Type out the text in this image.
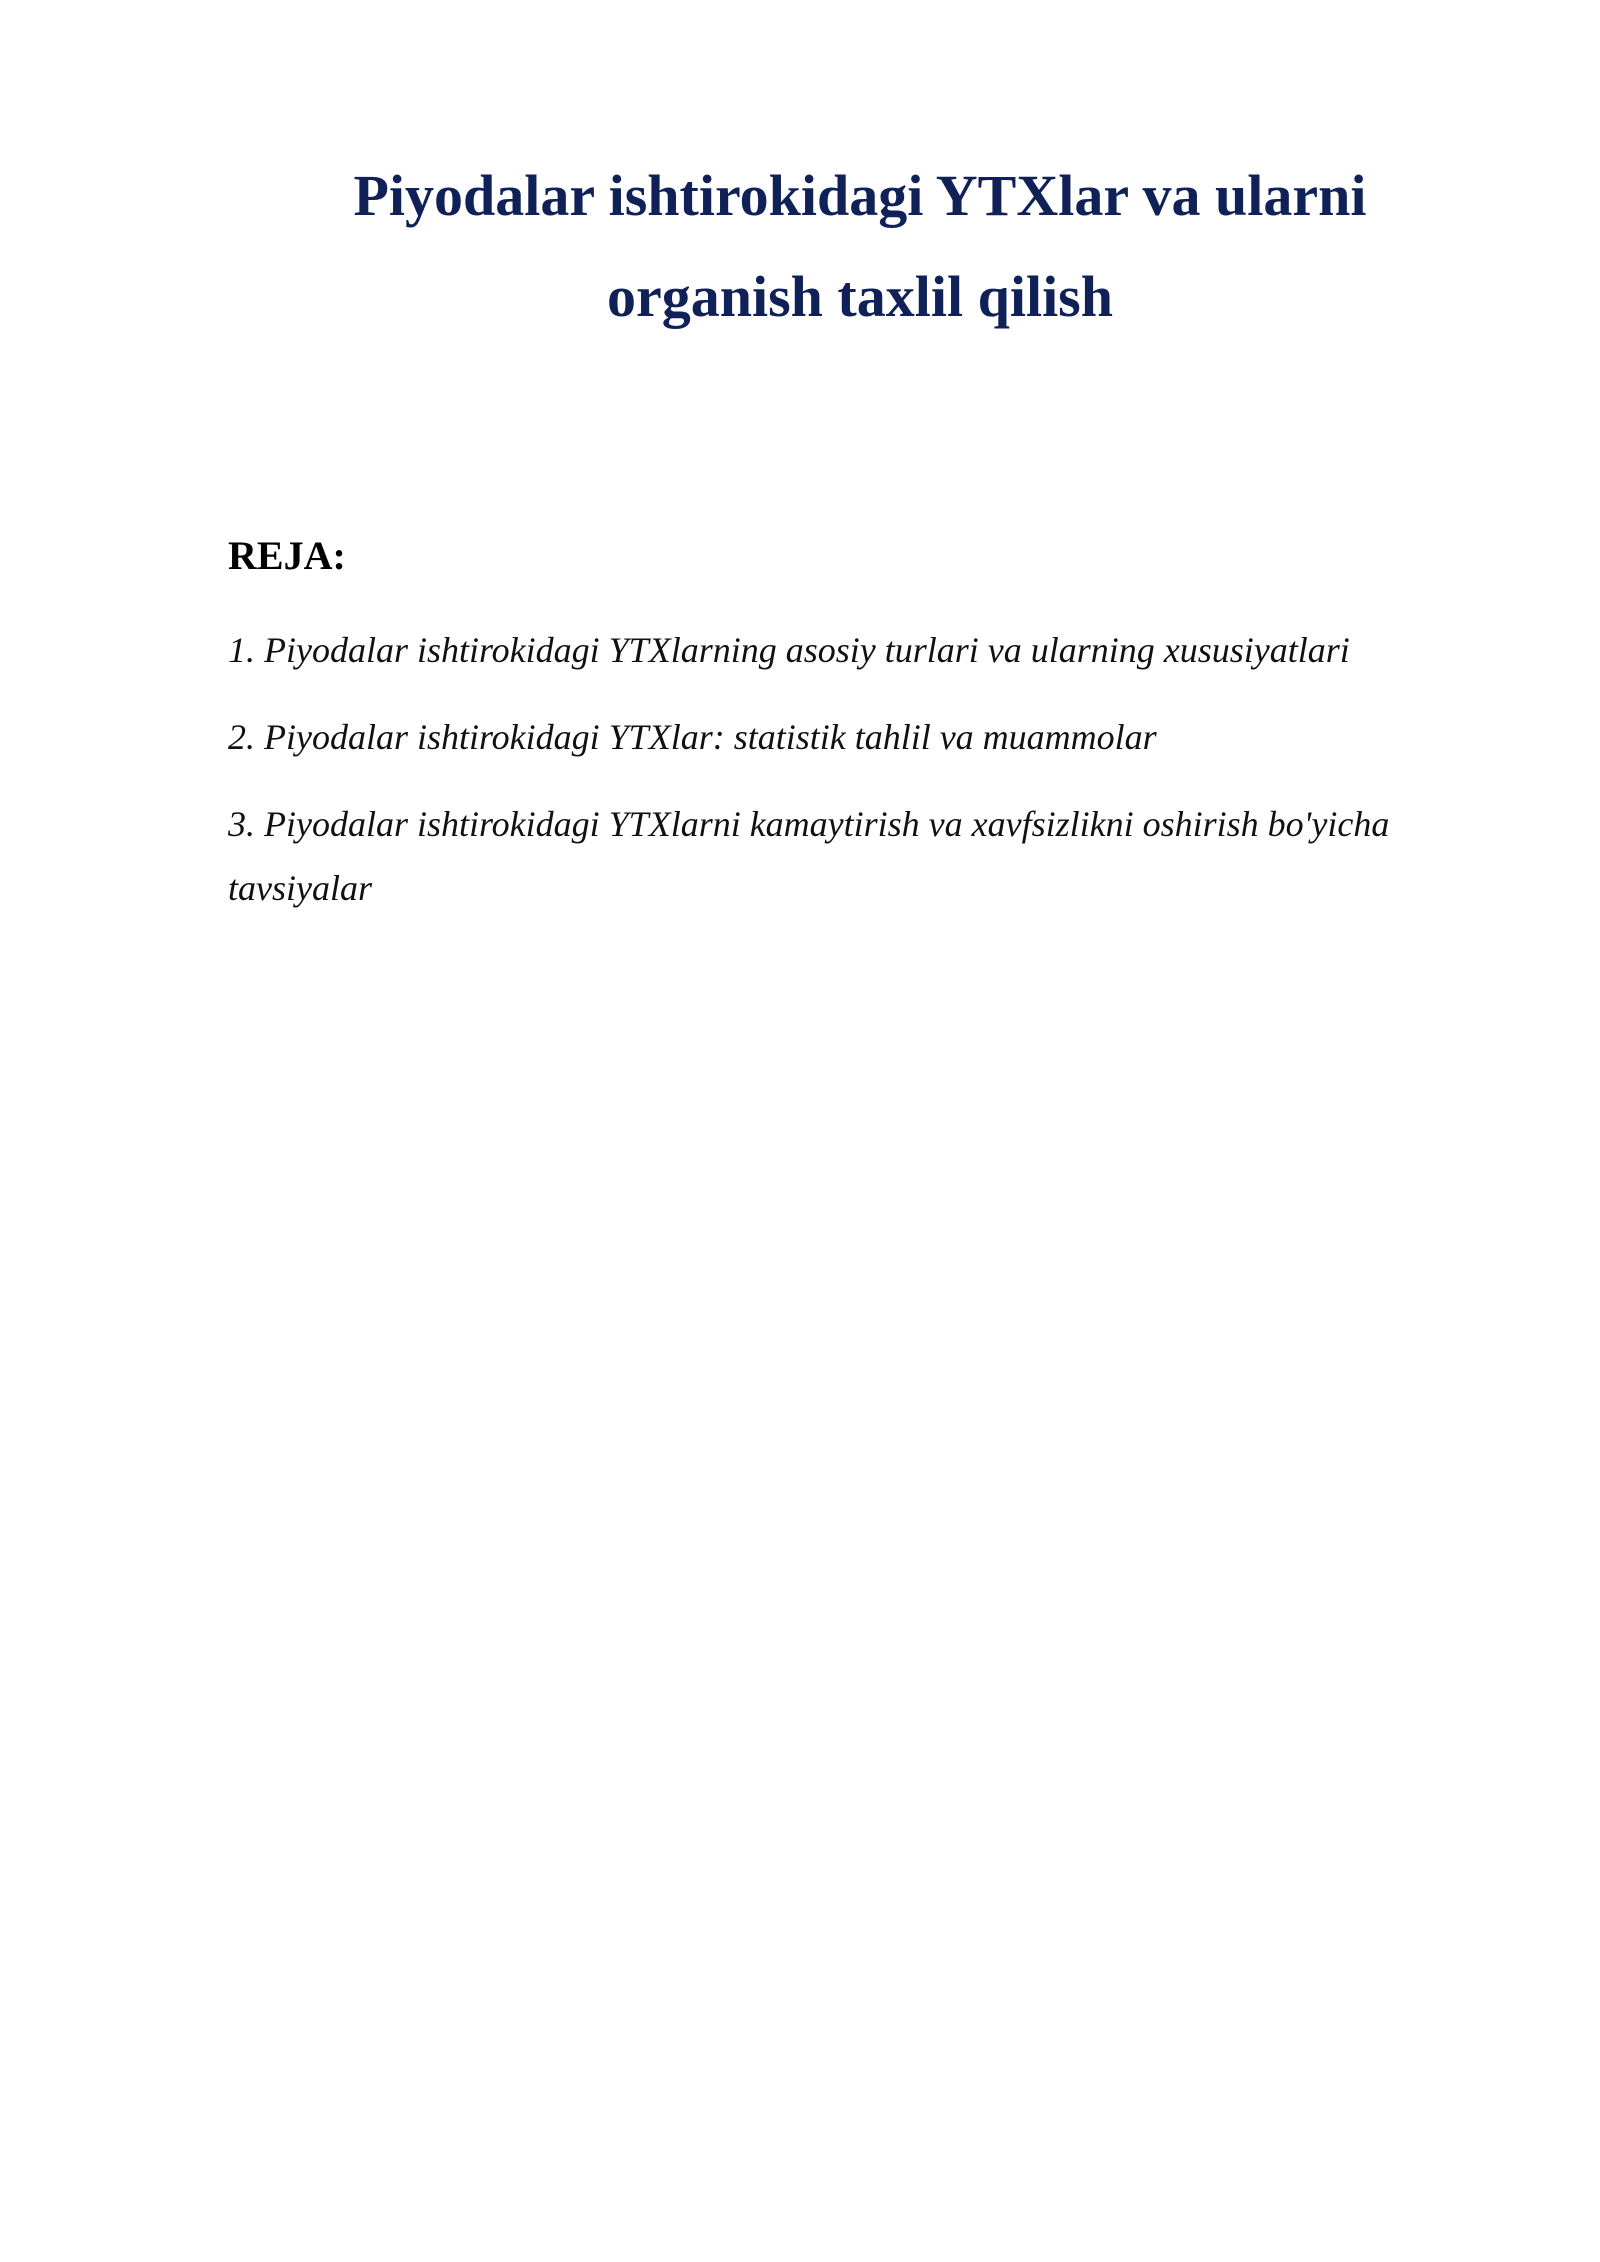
Piyodalar ishtirokidagi YTXlar va ularni
organish taxlil qilish
REJA:
1. Piyodalar ishtirokidagi YTXlarning asosiy turlari va ularning xususiyatlari
2. Piyodalar ishtirokidagi YTXlar: statistik tahlil va muammolar
3. Piyodalar ishtirokidagi YTXlarni kamaytirish va xavfsizlikni oshirish bo'yicha tavsiyalar
